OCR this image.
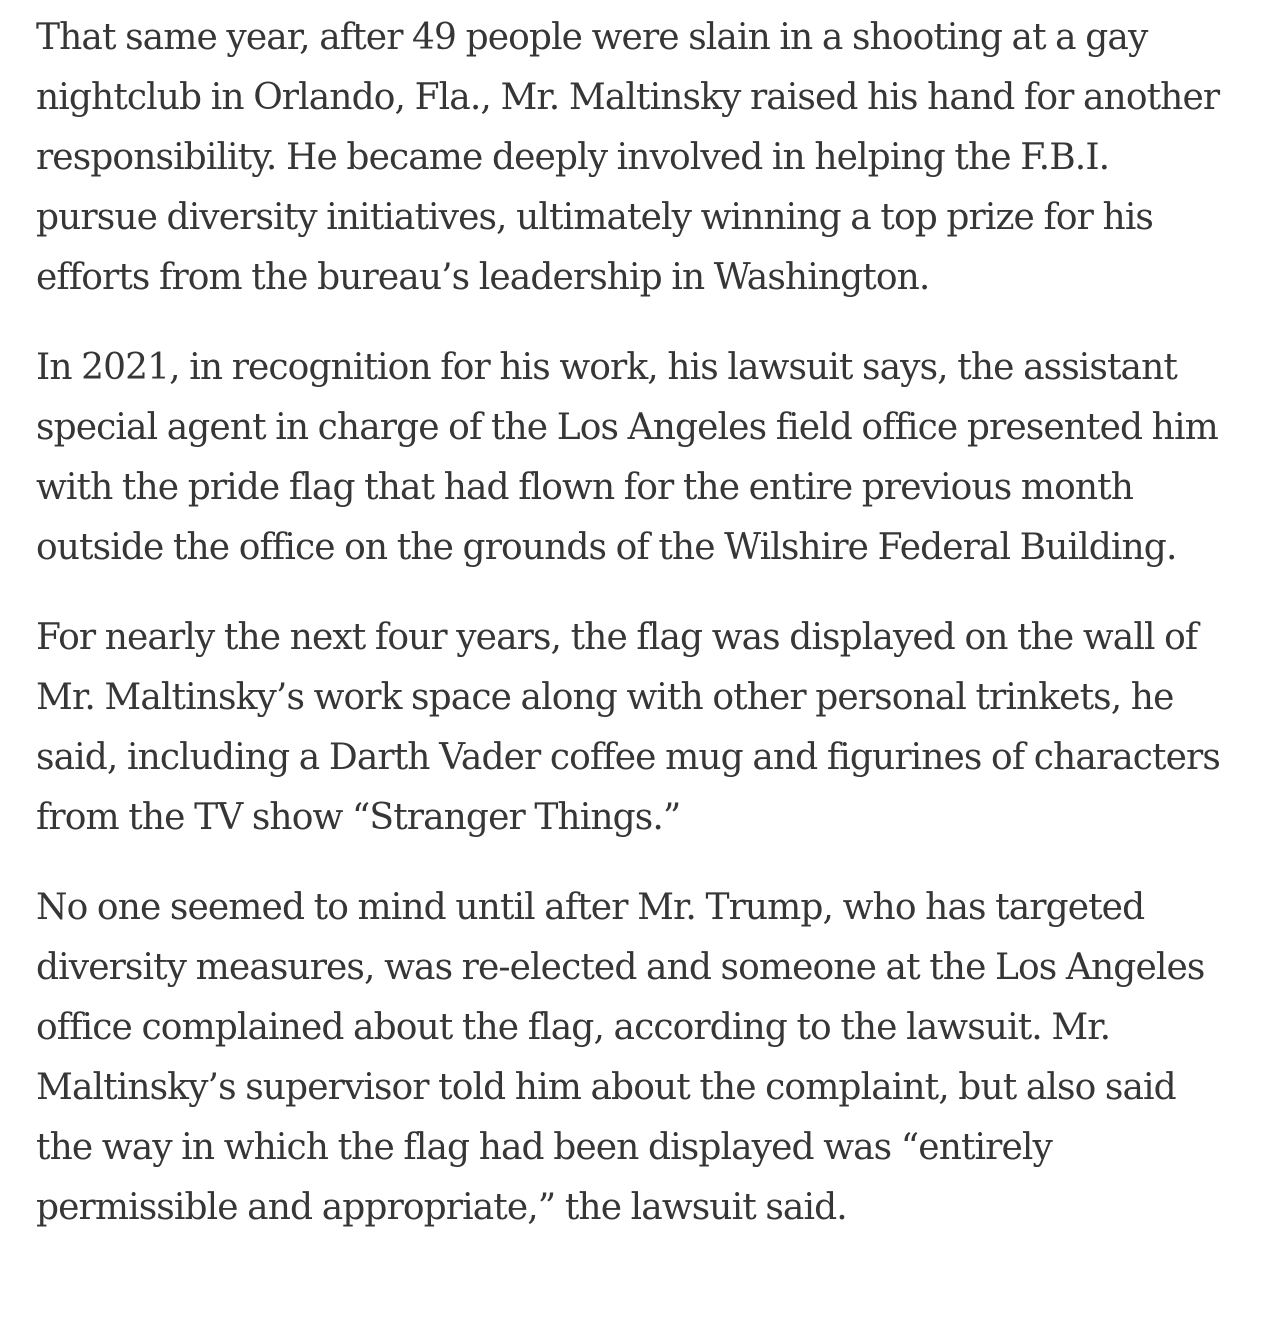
That same year, after 49 people were slain in a shooting at a gay nightclub in Orlando, Fla., Mr. Maltinsky raised his hand for another responsibility. He became deeply involved in helping the F.B.I. pursue diversity initiatives, ultimately winning a top prize for his efforts from the bureau’s leadership in Washington.

In 2021, in recognition for his work, his lawsuit says, the assistant special agent in charge of the Los Angeles field office presented him with the pride flag that had flown for the entire previous month outside the office on the grounds of the Wilshire Federal Building.

For nearly the next four years, the flag was displayed on the wall of Mr. Maltinsky’s work space along with other personal trinkets, he said, including a Darth Vader coffee mug and figurines of characters from the TV show “Stranger Things.”

No one seemed to mind until after Mr. Trump, who has targeted diversity measures, was re-elected and someone at the Los Angeles office complained about the flag, according to the lawsuit. Mr. Maltinsky’s supervisor told him about the complaint, but also said the way in which the flag had been displayed was “entirely permissible and appropriate,” the lawsuit said.
